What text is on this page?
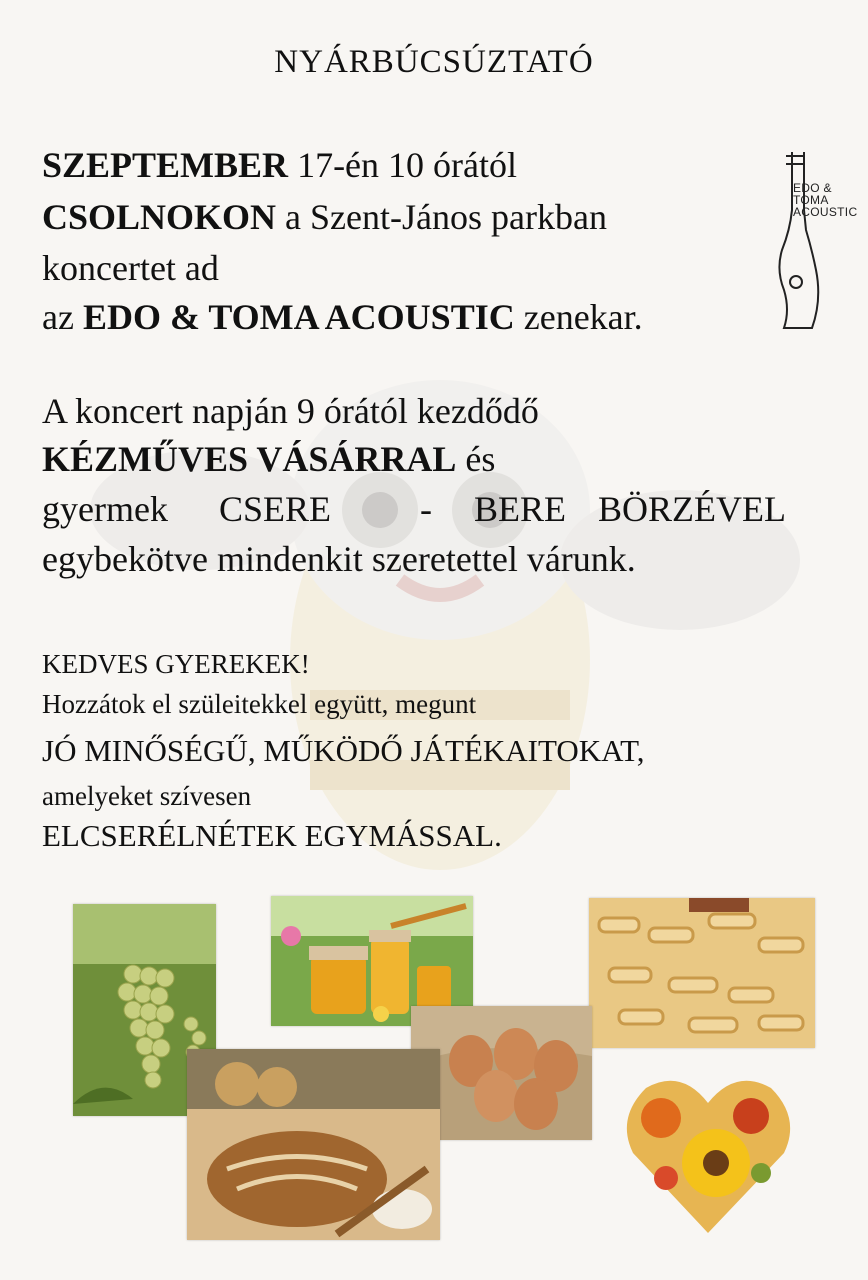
NYÁRBÚCSÚZTATÓ
SZEPTEMBER 17-én 10 órától
CSOLNOKON a Szent-János parkban
koncertet ad
az EDO & TOMA ACOUSTIC zenekar.
EDO &
TOMA
ACOUSTIC
A koncert napján 9 órától kezdődő
KÉZMŰVES VÁSÁRRAL és
gyermek CSERE - BERE BÖRZÉVEL
egybekötve mindenkit szeretettel várunk.
KEDVES GYEREKEK!
Hozzátok el szüleitekkel együtt, megunt
JÓ MINŐSÉGŰ, MŰKÖDŐ JÁTÉKAITOKAT,
amelyeket szívesen
ELCSERÉLNÉTEK EGYMÁSSAL.
